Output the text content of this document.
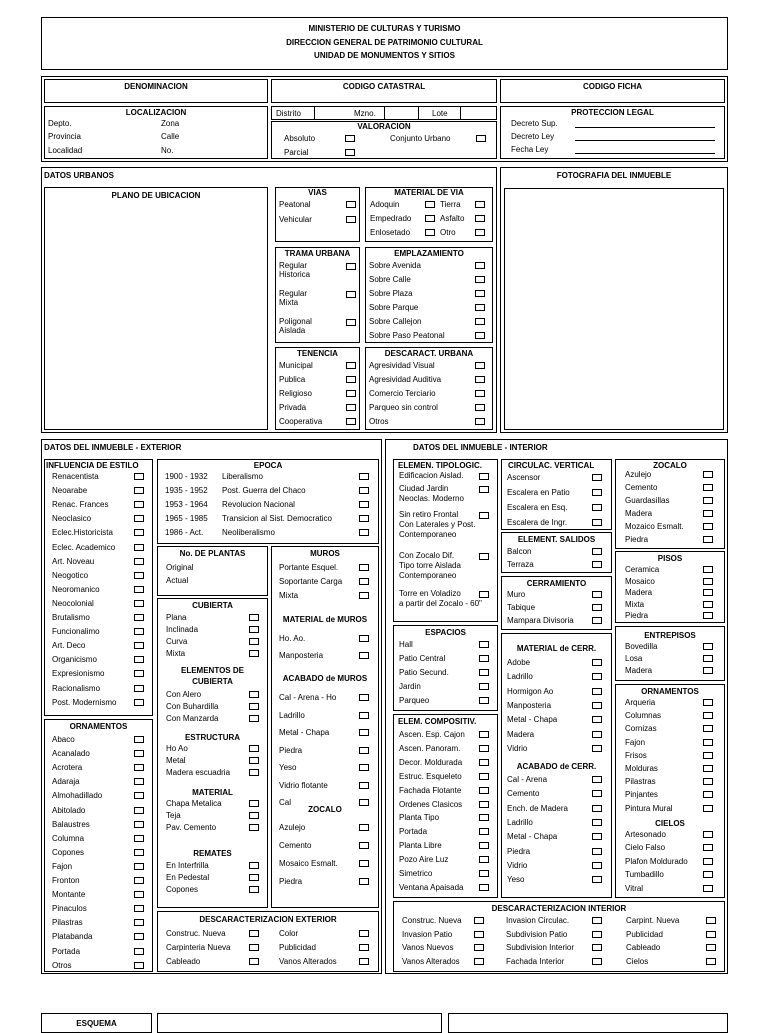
MINISTERIO DE CULTURAS Y TURISMO
DIRECCION GENERAL DE PATRIMONIO CULTURAL
UNIDAD DE MONUMENTOS Y SITIOS
DENOMINACION	CODIGO CATASTRAL	CODIGO FICHA
LOCALIZACION
Depto.	Zona
Provincia	Calle
Localidad	No.
Distrito	Mzno.	Lote
VALORACION
Absoluto	Conjunto Urbano
Parcial
PROTECCION LEGAL
Decreto Sup.
Decreto Ley
Fecha Ley
DATOS URBANOS
PLANO DE UBICACION	VIAS
Peatonal
Vehicular
MATERIAL DE VIA
Adoquin	Tierra
Empedrado	Asfalto
Enlosetado	Otro
TRAMA URBANA
Regular
Historica
Regular
Mixta
Poligonal
Aislada
EMPLAZAMIENTO
Sobre Avenida
Sobre Calle
Sobre Plaza
Sobre Parque
Sobre Callejon
Sobre Paso Peatonal
TENENCIA
Municipal
Publica
Religioso
Privada
Cooperativa
DESCARACT. URBANA
Agresividad Visual
Agresividad Auditiva
Comercio Terciario
Parqueo sin control
Otros
FOTOGRAFIA DEL INMUEBLE
DATOS DEL INMUEBLE - EXTERIOR
INFLUENCIA DE ESTILO
Renacentista
Neoarabe
Renac. Frances
Neoclasico
Eclec.Historicista
Eclec. Academico
Art. Noveau
Neogotico
Neoromanico
Neocolonial
Brutalismo
Funcionalimo
Art. Deco
Organicismo
Expresionismo
Racionalismo
Post. Modernismo
ORNAMENTOS
Abaco
Acanalado
Acrotera
Adaraja
Almohadillado
Abitolado
Balaustres
Columna
Copones
Fajon
Fronton
Montante
Pinaculos
Pilastras
Platabanda
Portada
Otros
EPOCA
1900 - 1932 Liberalismo
1935 - 1952 Post. Guerra del Chaco
1953 - 1964 Revolucion Nacional
1965 - 1985 Transicion al Sist. Democratico
1986 - Act. Neoliberalismo
No. DE PLANTAS
Original
Actual
CUBIERTA
ELEMENTOS DE
CUBIERTA
ESTRUCTURA
MATERIAL
REMATES
Plana
Inclinada
Curva
Mixta
Con Alero
Con Buhardilla
Con Manzarda
Ho Ao
Metal
Madera escuadria
Chapa Metalica
Teja
Pav. Cemento
En Interfrilla
En Pedestal
Copones
MUROS
MATERIAL de MUROS
ACABADO de MUROS
ZOCALO
Portante Esquel.
Soportante Carga
Mixta
Ho. Ao.
Manposteria
Cal - Arena - Ho
Ladrillo
Metal - Chapa
Piedra
Yeso
Vidrio flotante
Cal
Azulejo
Cemento
Mosaico Esmalt.
Piedra
DESCARACTERIZACION EXTERIOR
Construc. Nueva	Color
Carpinteria Nueva	Publicidad
Cableado	Vanos Alterados
DATOS DEL INMUEBLE - INTERIOR
ELEMEN. TIPOLOGIC.
Edificacion Aislad.
Ciudad Jardin
Neoclas. Moderno
Sin retiro Frontal
Con Laterales y Post.
Contemporaneo
Con Zocalo Dif.
Tipo torre Aislada
Contemporaneo
Torre en Voladizo
a partir del Zocalo - 60"
ESPACIOS
Hall
Patio Central
Patio Secund.
Jardin
Parqueo
ELEM. COMPOSITIV.
Ascen. Esp. Cajon
Ascen. Panoram.
Decor. Moldurada
Estruc. Esqueleto
Fachada Flotante
Ordenes Clasicos
Planta Tipo
Portada
Planta Libre
Pozo Aire Luz
Simetrico
Ventana Apaisada
CIRCULAC. VERTICAL
Ascensor
Escalera en Patio
Escalera en Esq.
Escalera de Ingr.
ELEMENT. SALIDOS
Balcon
Terraza
CERRAMIENTO
Muro
Tabique
Mampara Divisoria
MATERIAL de CERR.
ACABADO de CERR.
Adobe
Ladrillo
Hormigon Ao
Manposteria
Metal - Chapa
Madera
Vidrio
Cal - Arena
Cemento
Ench. de Madera
Ladrillo
Metal - Chapa
Piedra
Vidrio
Yeso
ZOCALO
Azulejo
Cemento
Guardasillas
Madera
Mozaico Esmalt.
Piedra
PISOS
Ceramica
Mosaico
Madera
Mixta
Piedra
ENTREPISOS
Bovedilla
Losa
Madera
ORNAMENTOS
CIELOS
Arqueria
Columnas
Cornizas
Fajon
Frisos
Molduras
Pilastras
Pinjantes
Pintura Mural
Artesonado
Cielo Falso
Plafon Moldurado
Tumbadillo
Vitral
DESCARACTERIZACION INTERIOR
Construc. Nueva	Invasion Circulac.	Carpint. Nueva
Invasion Patio	Subdivision Patio	Publicidad
Vanos Nuevos	Subdivision Interior	Cableado
Vanos Alterados	Fachada Interior	Cielos
ESQUEMA
